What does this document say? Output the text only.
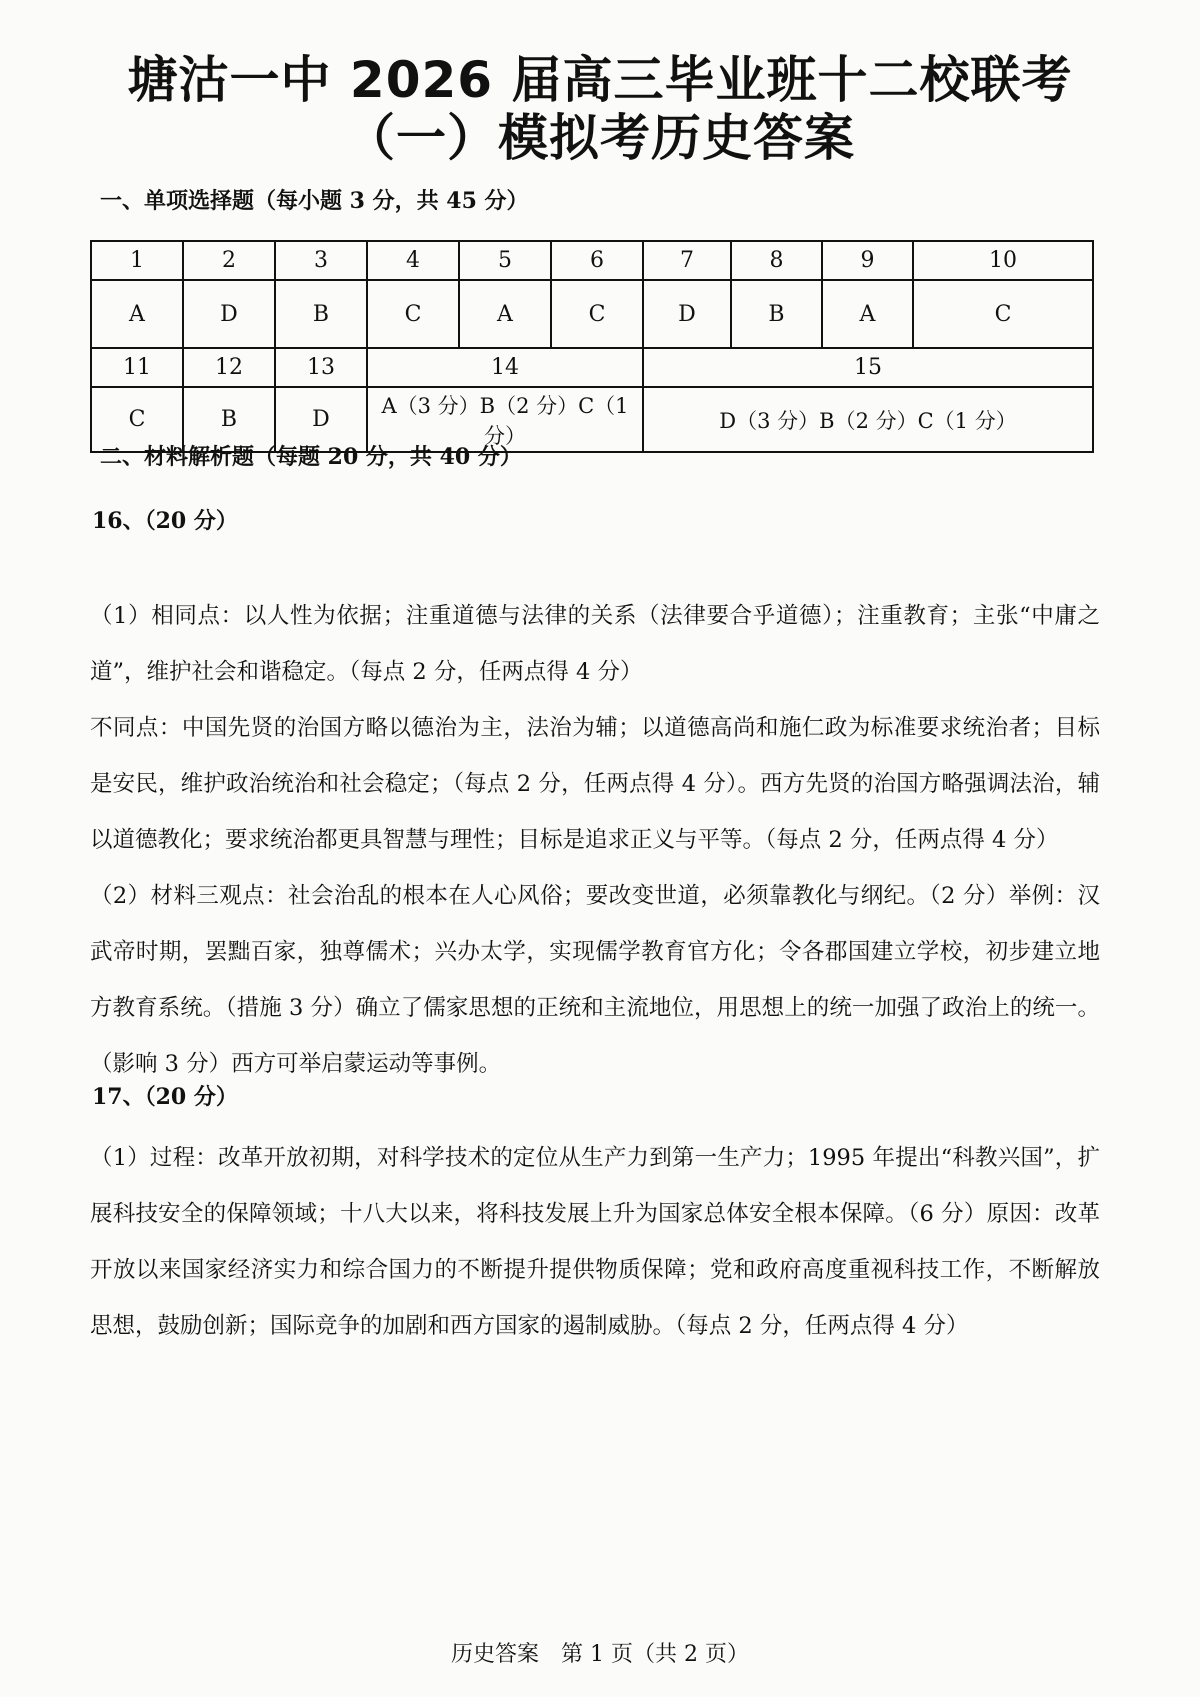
塘沽一中 2026 届高三毕业班十二校联考
（一）模拟考历史答案
一、单项选择题（每小题 3 分，共 45 分）
1	2	3	4	5	6	7	8	9	10
A	D	B	C	A	C	D	B	A	C
11	12	13	14			15			
C	B	D	A（3 分）B（2 分）C（1 分）			D（3 分）B（2 分）C（1 分）			
二、材料解析题（每题 20 分，共 40 分）
16、（20 分）

（1）相同点：以人性为依据；注重道德与法律的关系（法律要合乎道德）；注重教育；主张“中庸之道”，维护社会和谐稳定。（每点 2 分，任两点得 4 分）

不同点：中国先贤的治国方略以德治为主，法治为辅；以道德高尚和施仁政为标准要求统治者；目标是安民，维护政治统治和社会稳定；（每点 2 分，任两点得 4 分）。西方先贤的治国方略强调法治，辅以道德教化；要求统治都更具智慧与理性；目标是追求正义与平等。（每点 2 分，任两点得 4 分）

（2）材料三观点：社会治乱的根本在人心风俗；要改变世道，必须靠教化与纲纪。（2 分）举例：汉武帝时期，罢黜百家，独尊儒术；兴办太学，实现儒学教育官方化；令各郡国建立学校，初步建立地方教育系统。（措施 3 分）确立了儒家思想的正统和主流地位，用思想上的统一加强了政治上的统一。（影响 3 分）西方可举启蒙运动等事例。

17、（20 分）

（1）过程：改革开放初期，对科学技术的定位从生产力到第一生产力；1995 年提出“科教兴国”，扩展科技安全的保障领域；十八大以来，将科技发展上升为国家总体安全根本保障。（6 分）原因：改革开放以来国家经济实力和综合国力的不断提升提供物质保障；党和政府高度重视科技工作，不断解放思想，鼓励创新；国际竞争的加剧和西方国家的遏制威胁。（每点 2 分，任两点得 4 分）

历史答案　第 1 页（共 2 页）
